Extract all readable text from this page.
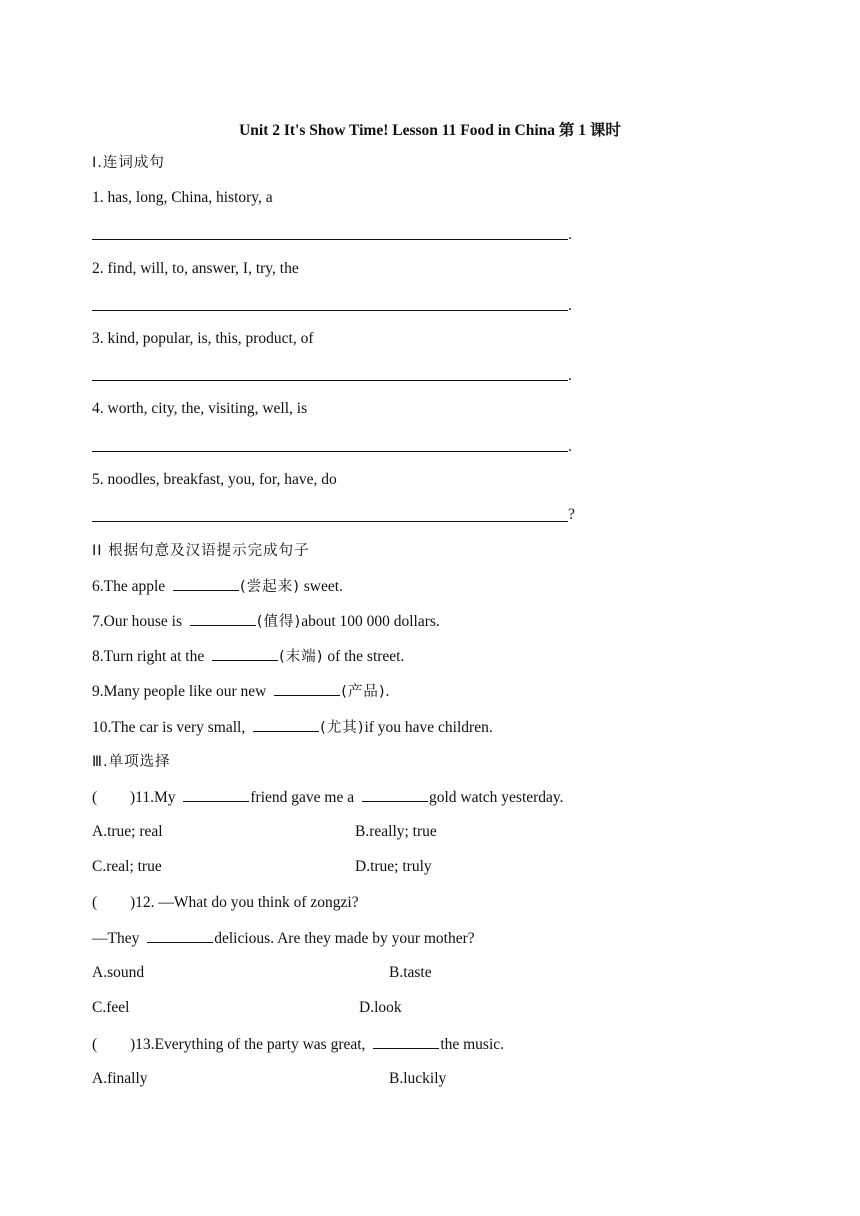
Unit 2 It's Show Time! Lesson 11 Food in China 第 1 课时
Ⅰ.连词成句
1. has, long, China, history, a
.
2. find, will, to, answer, I, try, the
.
3. kind, popular, is, this, product, of
.
4. worth, city, the, visiting, well, is
.
5. noodles, breakfast, you, for, have, do
?
II 根据句意及汉语提示完成句子
6.The apple	(尝起来) sweet.
7.Our house is	(值得)about 100 000 dollars.
8.Turn right at the	(末端) of the street.
9.Many people like our new	(产品).
10.The car is very small,	(尤其)if you have children.
Ⅲ.单项选择
( )11.My	friend gave me a	gold watch yesterday.
A.true; real	B.really; true
C.real; true	D.true; truly
( )12. —What do you think of zongzi?
—They	delicious. Are they made by your mother?
A.sound	B.taste
C.feel	D.look
( )13.Everything of the party was great,	the music.
A.finally	B.luckily
